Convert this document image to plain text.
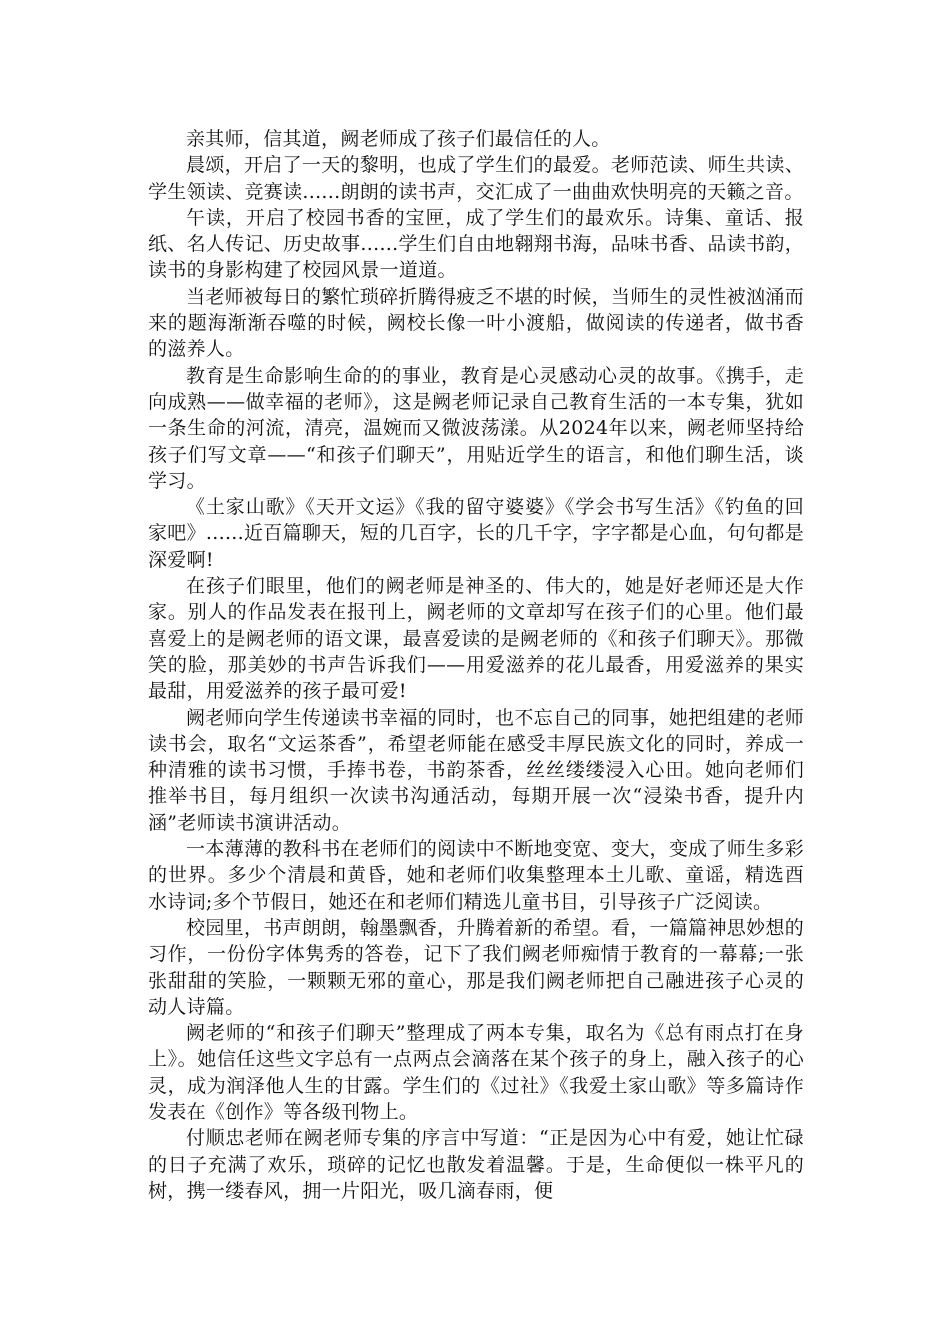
亲其师，信其道，阙老师成了孩子们最信任的人。

晨颂，开启了一天的黎明，也成了学生们的最爱。老师范读、师生共读、学生领读、竞赛读......朗朗的读书声，交汇成了一曲曲欢快明亮的天籁之音。

午读，开启了校园书香的宝匣，成了学生们的最欢乐。诗集、童话、报纸、名人传记、历史故事......学生们自由地翱翔书海，品味书香、品读书韵，读书的身影构建了校园风景一道道。

当老师被每日的繁忙琐碎折腾得疲乏不堪的时候，当师生的灵性被汹涌而来的题海渐渐吞噬的时候，阙校长像一叶小渡船，做阅读的传递者，做书香的滋养人。

教育是生命影响生命的的事业，教育是心灵感动心灵的故事。《携手，走向成熟——做幸福的老师》，这是阙老师记录自己教育生活的一本专集，犹如一条生命的河流，清亮，温婉而又微波荡漾。从2024年以来，阙老师坚持给孩子们写文章——“和孩子们聊天”，用贴近学生的语言，和他们聊生活，谈学习。

《土家山歌》《天开文运》《我的留守婆婆》《学会书写生活》《钓鱼的回家吧》......近百篇聊天，短的几百字，长的几千字，字字都是心血，句句都是深爱啊!

在孩子们眼里，他们的阙老师是神圣的、伟大的，她是好老师还是大作家。别人的作品发表在报刊上，阙老师的文章却写在孩子们的心里。他们最喜爱上的是阙老师的语文课，最喜爱读的是阙老师的《和孩子们聊天》。那微笑的脸，那美妙的书声告诉我们——用爱滋养的花儿最香，用爱滋养的果实最甜，用爱滋养的孩子最可爱!

阙老师向学生传递读书幸福的同时，也不忘自己的同事，她把组建的老师读书会，取名“文运茶香”，希望老师能在感受丰厚民族文化的同时，养成一种清雅的读书习惯，手捧书卷，书韵茶香，丝丝缕缕浸入心田。她向老师们推举书目，每月组织一次读书沟通活动，每期开展一次“浸染书香，提升内涵”老师读书演讲活动。

一本薄薄的教科书在老师们的阅读中不断地变宽、变大，变成了师生多彩的世界。多少个清晨和黄昏，她和老师们收集整理本土儿歌、童谣，精选酉水诗词;多个节假日，她还在和老师们精选儿童书目，引导孩子广泛阅读。

校园里，书声朗朗，翰墨飘香，升腾着新的希望。看，一篇篇神思妙想的习作，一份份字体隽秀的答卷，记下了我们阙老师痴情于教育的一幕幕;一张张甜甜的笑脸，一颗颗无邪的童心，那是我们阙老师把自己融进孩子心灵的动人诗篇。

阙老师的“和孩子们聊天”整理成了两本专集，取名为《总有雨点打在身上》。她信任这些文字总有一点两点会滴落在某个孩子的身上，融入孩子的心灵，成为润泽他人生的甘露。学生们的《过社》《我爱土家山歌》等多篇诗作发表在《创作》等各级刊物上。

付顺忠老师在阙老师专集的序言中写道：“正是因为心中有爱，她让忙碌的日子充满了欢乐，琐碎的记忆也散发着温馨。于是，生命便似一株平凡的树，携一缕春风，拥一片阳光，吸几滴春雨，便
